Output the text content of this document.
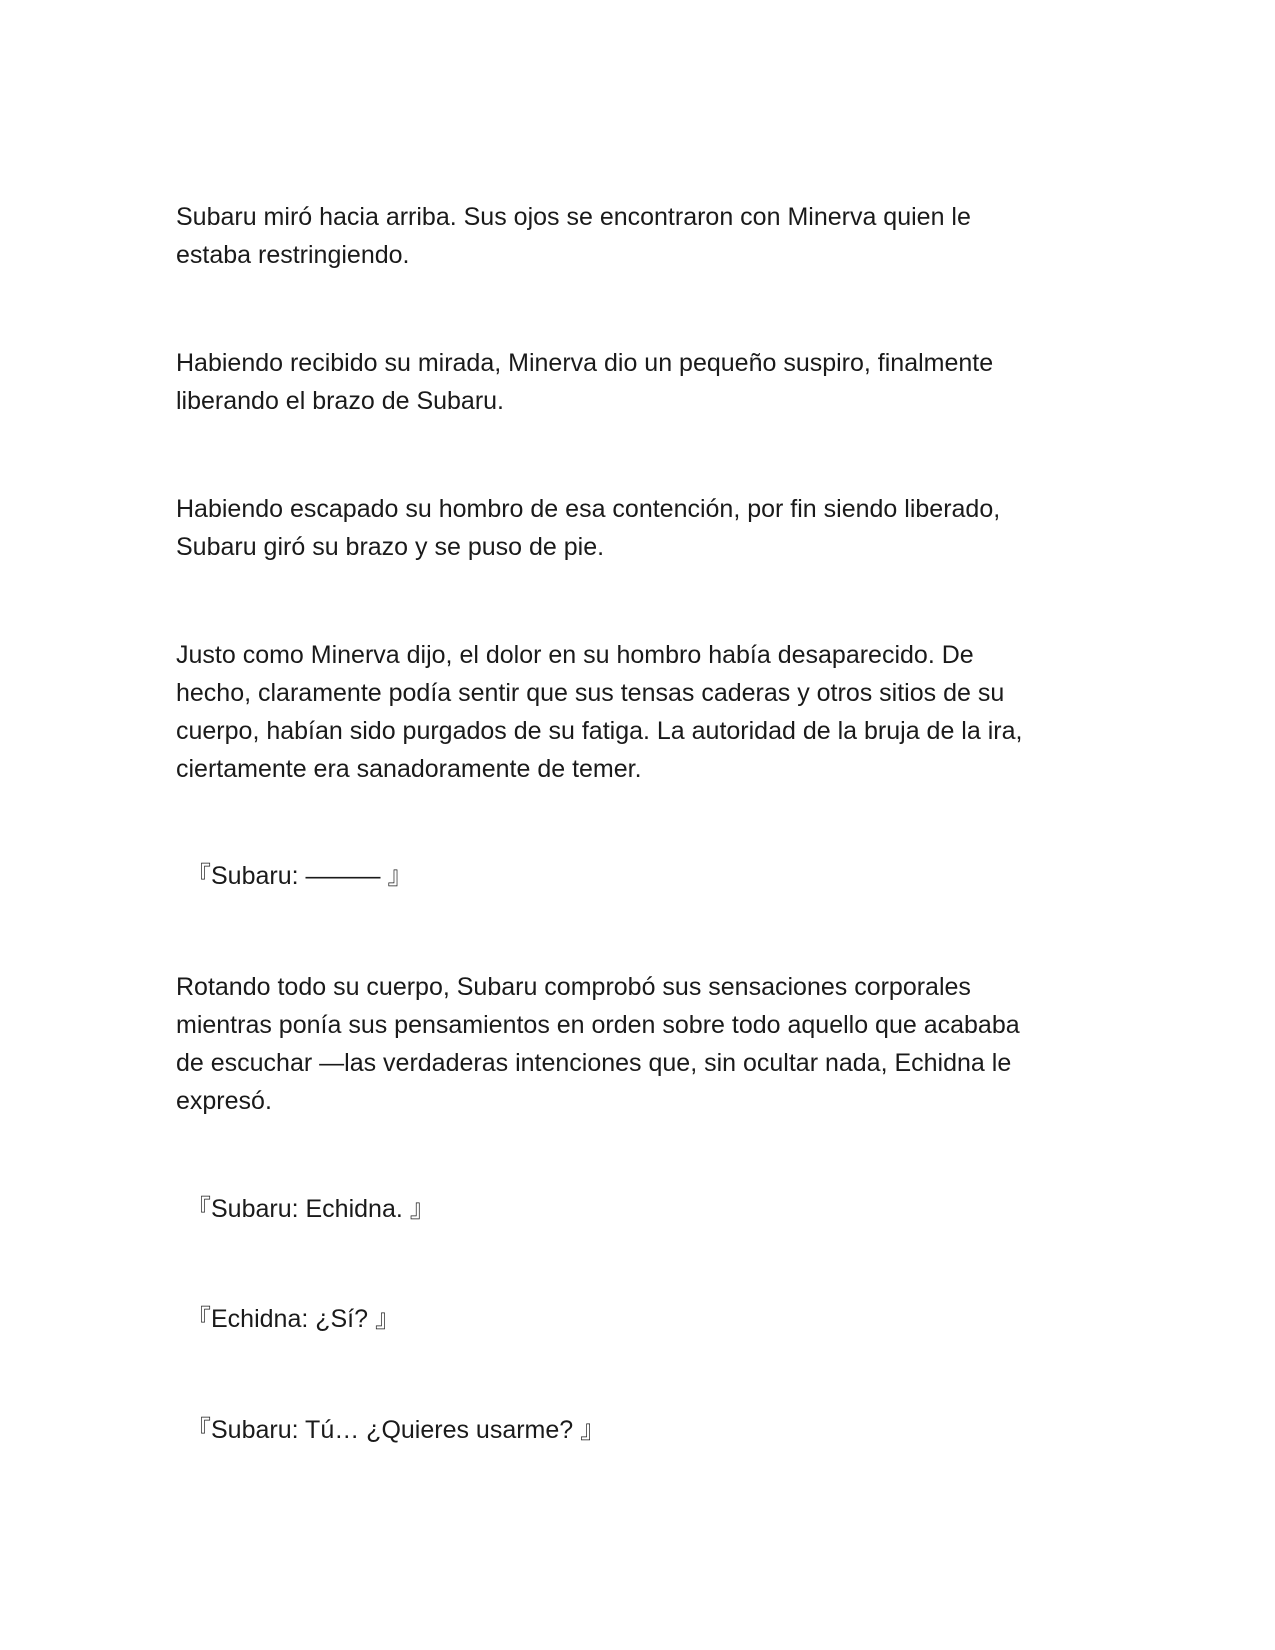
Subaru miró hacia arriba. Sus ojos se encontraron con Minerva quien le
estaba restringiendo.

Habiendo recibido su mirada, Minerva dio un pequeño suspiro, finalmente
liberando el brazo de Subaru.

Habiendo escapado su hombro de esa contención, por fin siendo liberado,
Subaru giró su brazo y se puso de pie.

Justo como Minerva dijo, el dolor en su hombro había desaparecido. De
hecho, claramente podía sentir que sus tensas caderas y otros sitios de su
cuerpo, habían sido purgados de su fatiga. La autoridad de la bruja de la ira,
ciertamente era sanadoramente de temer.

『Subaru: ——— 』

Rotando todo su cuerpo, Subaru comprobó sus sensaciones corporales
mientras ponía sus pensamientos en orden sobre todo aquello que acababa
de escuchar —las verdaderas intenciones que, sin ocultar nada, Echidna le
expresó.

『Subaru: Echidna. 』

『Echidna: ¿Sí? 』

『Subaru: Tú… ¿Quieres usarme? 』
